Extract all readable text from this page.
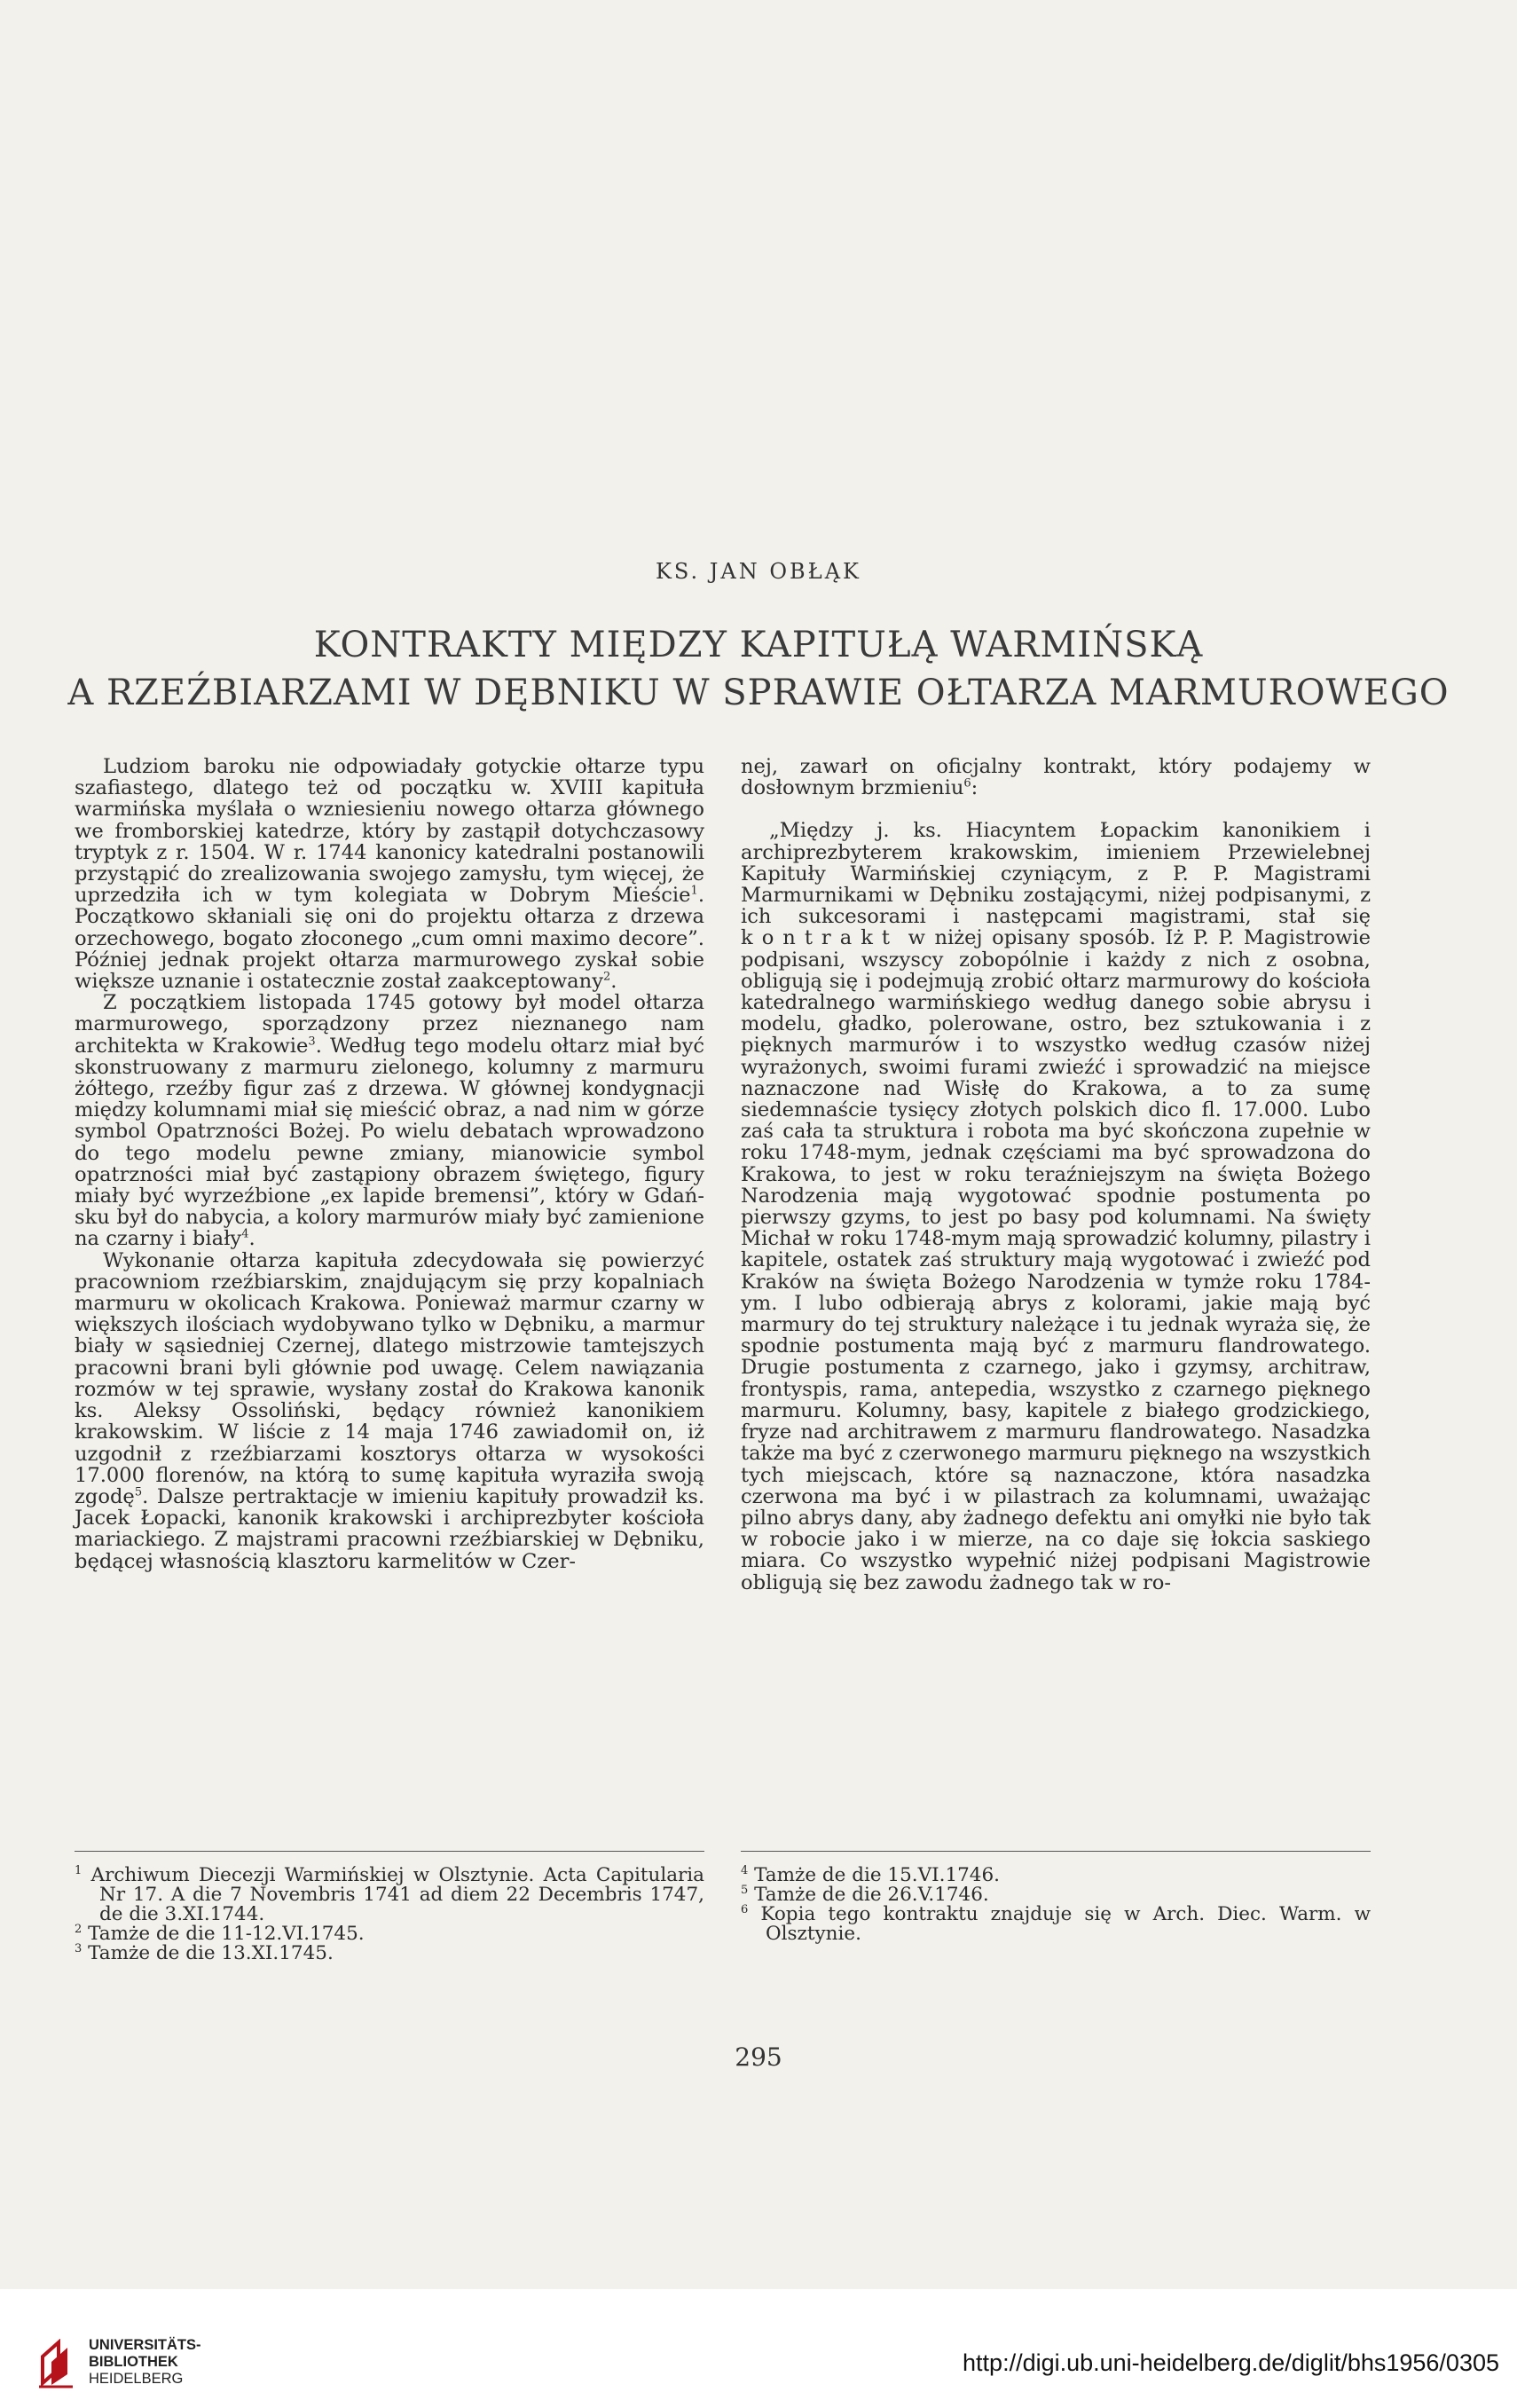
KS. JAN OBŁĄK
KONTRAKTY MIĘDZY KAPITUŁĄ WARMIŃSKĄ
A RZEŹBIARZAMI W DĘBNIKU W SPRAWIE OŁTARZA MARMUROWEGO

Ludziom baroku nie odpowiadały gotyckie ołtarze typu szafiastego, dlatego też od początku w. XVIII kapituła warmińska myślała o wzniesieniu nowego ołtarza głównego we fromborskiej katedrze, który by zastąpił dotychczasowy tryptyk z r. 1504. W r. 1744 kanonicy katedralni postanowili przystąpić do zrealizowania swojego zamysłu, tym więcej, że uprzedziła ich w tym kolegiata w Dobrym Mieście$^1$. Początkowo skłaniali się oni do projektu ołtarza z drzewa orzechowego, bogato złoconego „cum omni maximo decore”. Później jednak projekt ołtarza marmurowego zyskał sobie większe uznanie i ostatecznie został zaakceptowany$^2$.

Z początkiem listopada 1745 gotowy był model ołtarza marmurowego, sporządzony przez nieznanego nam architekta w Krakowie$^3$. Według tego modelu ołtarz miał być skonstruowany z marmuru zielonego, kolumny z marmuru żółtego, rzeźby figur zaś z drzewa. W głównej kondygnacji między kolumnami miał się mieścić obraz, a nad nim w górze symbol Opatrzności Bożej. Po wielu debatach wprowadzono do tego modelu pewne zmiany, mianowicie symbol opatrzności miał być zastąpiony obrazem świętego, figury miały być wyrzeźbione „ex lapide bremensi”, który w Gdańsku był do nabycia, a kolory marmurów miały być zamienione na czarny i biały$^4$.

Wykonanie ołtarza kapituła zdecydowała się powierzyć pracowniom rzeźbiarskim, znajdującym się przy kopalniach marmuru w okolicach Krakowa. Ponieważ marmur czarny w większych ilościach wydobywano tylko w Dębniku, a marmur biały w sąsiedniej Czernej, dlatego mistrzowie tamtejszych pracowni brani byli głównie pod uwagę. Celem nawiązania rozmów w tej sprawie, wysłany został do Krakowa kanonik ks. Aleksy Ossoliński, będący również kanonikiem krakowskim. W liście z 14 maja 1746 zawiadomił on, iż uzgodnił z rzeźbiarzami kosztorys ołtarza w wysokości 17.000 florenów, na którą to sumę kapituła wyraziła swoją zgodę$^5$. Dalsze pertraktacje w imieniu kapituły prowadził ks. Jacek Łopacki, kanonik krakowski i archiprezbyter kościoła mariackiego. Z majstrami pracowni rzeźbiarskiej w Dębniku, będącej własnością klasztoru karmelitów w Czer-

nej, zawarł on oficjalny kontrakt, który podajemy w dosłownym brzmieniu$^6$:

„Między j. ks. Hiacyntem Łopackim kanonikiem i archiprezbyterem krakowskim, imieniem Przewielebnej Kapituły Warmińskiej czyniącym, z P. P. Magistrami Marmurnikami w Dębniku zostającymi, niżej podpisanymi, z ich sukcesorami i następcami magistrami, stał się kontrakt w niżej opisany sposób. Iż P. P. Magistrowie podpisani, wszyscy zobopólnie i każdy z nich z osobna, obligują się i podejmują zrobić ołtarz marmurowy do kościoła katedralnego warmińskiego według danego sobie abrysu i modelu, gładko, polerowane, ostro, bez sztukowania i z pięknych marmurów i to wszystko według czasów niżej wyrażonych, swoimi furami zwieźć i sprowadzić na miejsce naznaczone nad Wisłę do Krakowa, a to za sumę siedemnaście tysięcy złotych polskich dico fl. 17.000. Lubo zaś cała ta struktura i robota ma być skończona zupełnie w roku 1748-mym, jednak częściami ma być sprowadzona do Krakowa, to jest w roku teraźniejszym na święta Bożego Narodzenia mają wygotować spodnie postumenta po pierwszy gzyms, to jest po basy pod kolumnami. Na święty Michał w roku 1748-mym mają sprowadzić kolumny, pilastry i kapitele, ostatek zaś struktury mają wygotować i zwieźć pod Kraków na święta Bożego Narodzenia w tymże roku 1784-ym. I lubo odbierają abrys z kolorami, jakie mają być marmury do tej struktury należące i tu jednak wyraża się, że spodnie postumenta mają być z marmuru flandrowatego. Drugie postumenta z czarnego, jako i gzymsy, architraw, frontyspis, rama, antepedia, wszystko z czarnego pięknego marmuru. Kolumny, basy, kapitele z białego grodzickiego, fryze nad architrawem z marmuru flandrowatego. Nasadzka także ma być z czerwonego marmuru pięknego na wszystkich tych miejscach, które są naznaczone, która nasadzka czerwona ma być i w pilastrach za kolumnami, uważając pilno abrys dany, aby żadnego defektu ani omyłki nie było tak w robocie jako i w mierze, na co daje się łokcia saskiego miara. Co wszystko wypełnić niżej podpisani Magistrowie obligują się bez zawodu żadnego tak w ro-

$^1$ Archiwum Diecezji Warmińskiej w Olsztynie. Acta Capitularia Nr 17. A die 7 Novembris 1741 ad diem 22 Decembris 1747, de die 3.XI.1744.
$^2$ Tamże de die 11-12.VI.1745.
$^3$ Tamże de die 13.XI.1745.
$^4$ Tamże de die 15.VI.1746.
$^5$ Tamże de die 26.V.1746.
$^6$ Kopia tego kontraktu znajduje się w Arch. Diec. Warm. w Olsztynie.
295
UNIVERSITÄTS-
BIBLIOTHEK
HEIDELBERG
http://digi.ub.uni-heidelberg.de/diglit/bhs1956/0305
